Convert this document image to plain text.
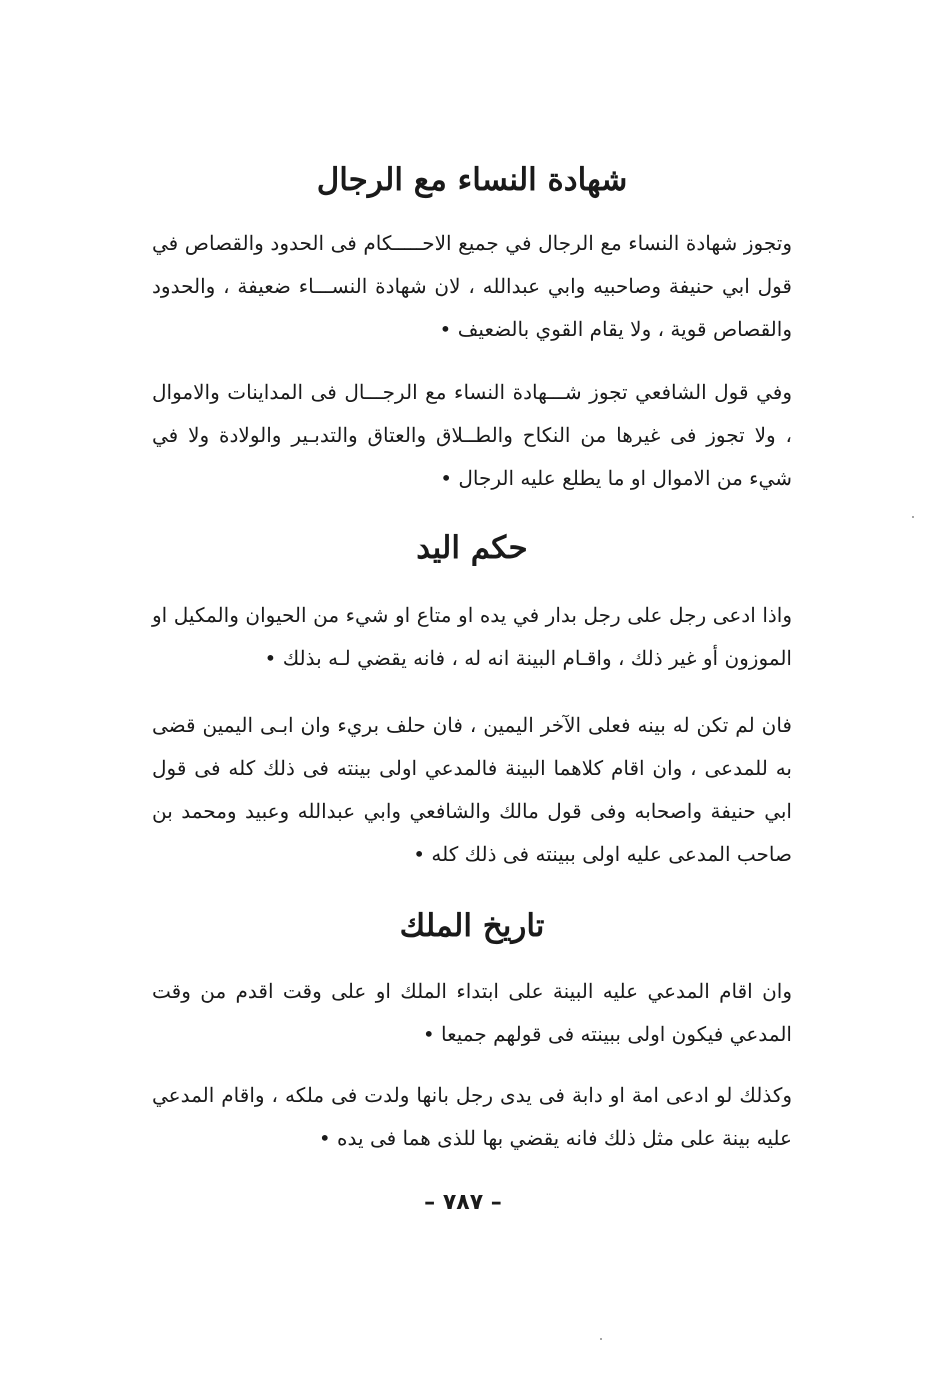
شهادة النساء مع الرجال

وتجوز شهادة النساء مع الرجال في جميع الاحـــــكام فى الحدود والقصاص في قول ابي حنيفة وصاحبيه وابي عبدالله ، لان شهادة النســـاء ضعيفة ، والحدود والقصاص قوية ، ولا يقام القوي بالضعيف •

وفي قول الشافعي تجوز شـــهادة النساء مع الرجـــال فى المداينات والاموال ، ولا تجوز فى غيرها من النكاح والطــلاق والعتاق والتدبـير والولادة ولا في شيء من الاموال او ما يطلع عليه الرجال •

حكم اليد

واذا ادعى رجل على رجل بدار في يده او متاع او شيء من الحيوان والمكيل او الموزون أو غير ذلك ، واقـام البينة انه له ، فانه يقضي لـه بذلك •

فان لم تكن له بينه فعلى الآخر اليمين ، فان حلف بريء وان ابـى اليمين قضى به للمدعى ، وان اقام كلاهما البينة فالمدعي اولى بينته فى ذلك كله فى قول ابي حنيفة واصحابه وفى قول مالك والشافعي وابي عبدالله وعبيد ومحمد بن صاحب المدعى عليه اولى ببينته فى ذلك كله •

تاريخ الملك

وان اقام المدعي عليه البينة على ابتداء الملك او على وقت اقدم من وقت المدعي فيكون اولى ببينته فى قولهم جميعا •

وكذلك لو ادعى امة او دابة فى يدى رجل بانها ولدت فى ملكه ، واقام المدعي عليه بينة على مثل ذلك فانه يقضي بها للذى هما فى يده •

– ٧٨٧ –
